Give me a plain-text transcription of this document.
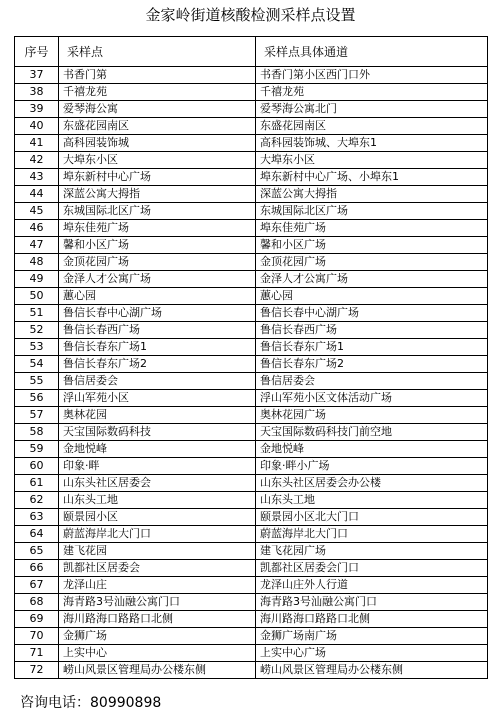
金家岭街道核酸检测采样点设置
序号	采样点	采样点具体通道
37	书香门第	书香门第小区西门口外
38	千禧龙苑	千禧龙苑
39	爱琴海公寓	爱琴海公寓北门
40	东盛花园南区	东盛花园南区
41	高科园装饰城	高科园装饰城、大埠东1
42	大埠东小区	大埠东小区
43	埠东新村中心广场	埠东新村中心广场、小埠东1
44	深蓝公寓大拇指	深蓝公寓大拇指
45	东城国际北区广场	东城国际北区广场
46	埠东佳苑广场	埠东佳苑广场
47	馨和小区广场	馨和小区广场
48	金顶花园广场	金顶花园广场
49	金泽人才公寓广场	金泽人才公寓广场
50	蕙心园	蕙心园
51	鲁信长春中心湖广场	鲁信长春中心湖广场
52	鲁信长春西广场	鲁信长春西广场
53	鲁信长春东广场1	鲁信长春东广场1
54	鲁信长春东广场2	鲁信长春东广场2
55	鲁信居委会	鲁信居委会
56	浮山军苑小区	浮山军苑小区文体活动广场
57	奥林花园	奥林花园广场
58	天宝国际数码科技	天宝国际数码科技门前空地
59	金地悦峰	金地悦峰
60	印象·畔	印象·畔小广场
61	山东头社区居委会	山东头社区居委会办公楼
62	山东头工地	山东头工地
63	颐景园小区	颐景园小区北大门口
64	蔚蓝海岸北大门口	蔚蓝海岸北大门口
65	建飞花园	建飞花园广场
66	凯都社区居委会	凯都社区居委会门口
67	龙泽山庄	龙泽山庄外人行道
68	海青路3号汕融公寓门口	海青路3号汕融公寓门口
69	海川路海口路路口北侧	海川路海口路路口北侧
70	金狮广场	金狮广场南广场
71	上实中心	上实中心广场
72	崂山风景区管理局办公楼东侧	崂山风景区管理局办公楼东侧
咨询电话：80990898
